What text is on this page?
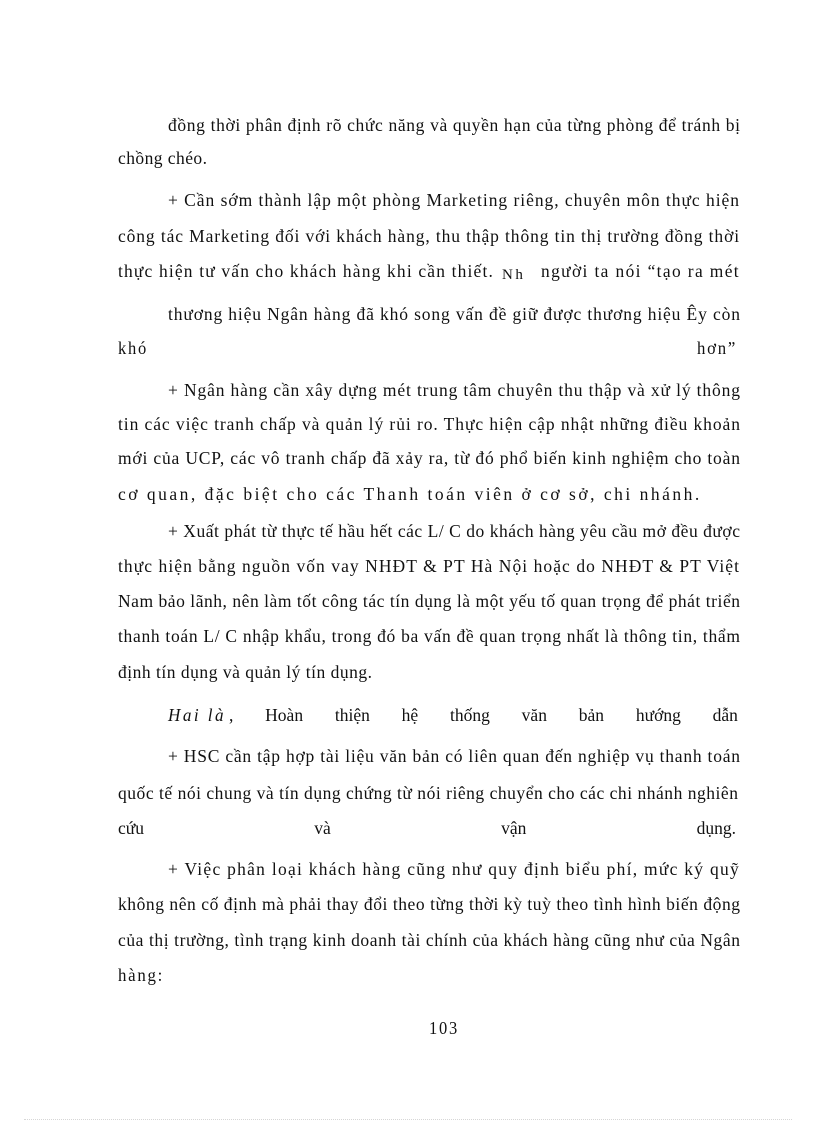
đồng thời phân định rõ chức năng và quyền hạn của từng phòng để tránh bị

chồng chéo.

+ Cần sớm thành lập một phòng Marketing riêng, chuyên môn thực hiện

công tác Marketing đối với khách hàng, thu thập thông tin thị trường đồng thời

thực hiện tư vấn cho khách hàng khi cần thiết. Nh người ta nói “tạo ra mét

thương hiệu Ngân hàng đã khó song vấn đề giữ được thương hiệu Êy còn

khó	hơn”

+ Ngân hàng cần xây dựng mét trung tâm chuyên thu thập và xử lý thông

tin các việc tranh chấp và quản lý rủi ro. Thực hiện cập nhật những điều khoản

mới của UCP, các vô tranh chấp đã xảy ra, từ đó phổ biến kinh nghiệm cho toàn

cơ quan, đặc biệt cho các Thanh toán viên ở cơ sở, chi nhánh.

+ Xuất phát từ thực tế hầu hết các L/ C do khách hàng yêu cầu mở đều được

thực hiện bằng nguồn vốn vay NHĐT & PT Hà Nội hoặc do NHĐT & PT Việt

Nam bảo lãnh, nên làm tốt công tác tín dụng là một yếu tố quan trọng để phát triển

thanh toán L/ C nhập khẩu, trong đó ba vấn đề quan trọng nhất là thông tin, thẩm

định tín dụng và quản lý tín dụng.

Hai là , Hoàn thiện hệ thống văn bản hướng dẫn

+ HSC cần tập hợp tài liệu văn bản có liên quan đến nghiệp vụ thanh toán

quốc tế nói chung và tín dụng chứng từ nói riêng chuyển cho các chi nhánh nghiên

cứu	và	vận	dụng.

+ Việc phân loại khách hàng cũng như quy định biểu phí, mức ký quỹ

không nên cố định mà phải thay đổi theo từng thời kỳ tuỳ theo tình hình biến động

của thị trường, tình trạng kinh doanh tài chính của khách hàng cũng như của Ngân

hàng:

103
